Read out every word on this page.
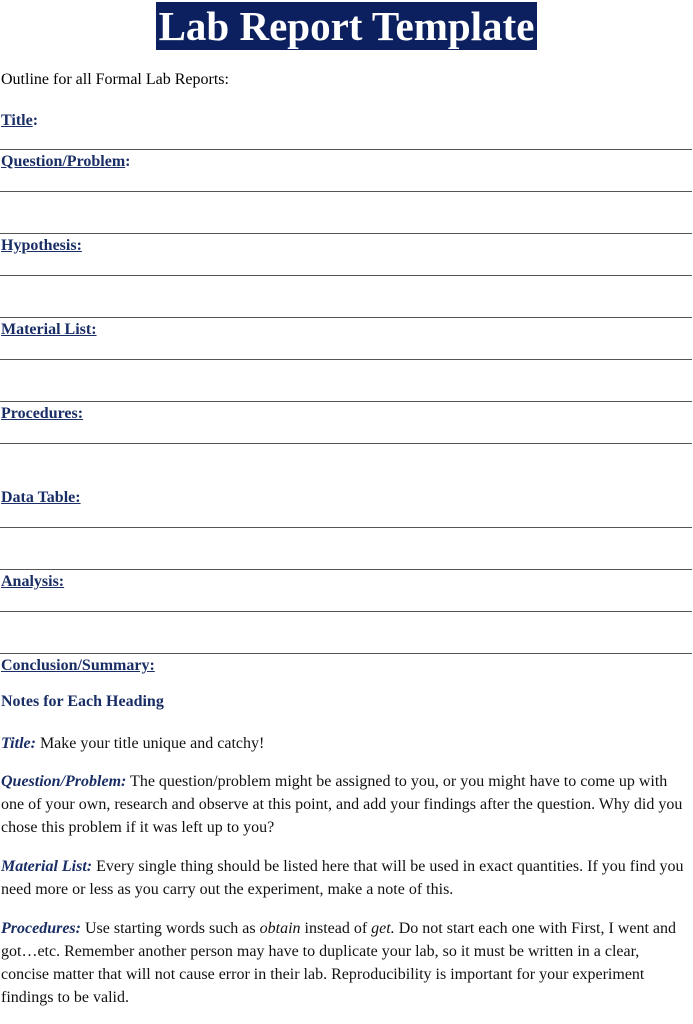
Lab Report Template
Outline for all Formal Lab Reports:
Title:
Question/Problem:
Hypothesis:
Material List:
Procedures:
Data Table:
Analysis:
Conclusion/Summary:
Notes for Each Heading
Title: Make your title unique and catchy!
Question/Problem: The question/problem might be assigned to you, or you might have to come up with one of your own, research and observe at this point, and add your findings after the question. Why did you chose this problem if it was left up to you?
Material List: Every single thing should be listed here that will be used in exact quantities. If you find you need more or less as you carry out the experiment, make a note of this.
Procedures: Use starting words such as obtain instead of get. Do not start each one with First, I went and got…etc. Remember another person may have to duplicate your lab, so it must be written in a clear, concise matter that will not cause error in their lab. Reproducibility is important for your experiment findings to be valid.
